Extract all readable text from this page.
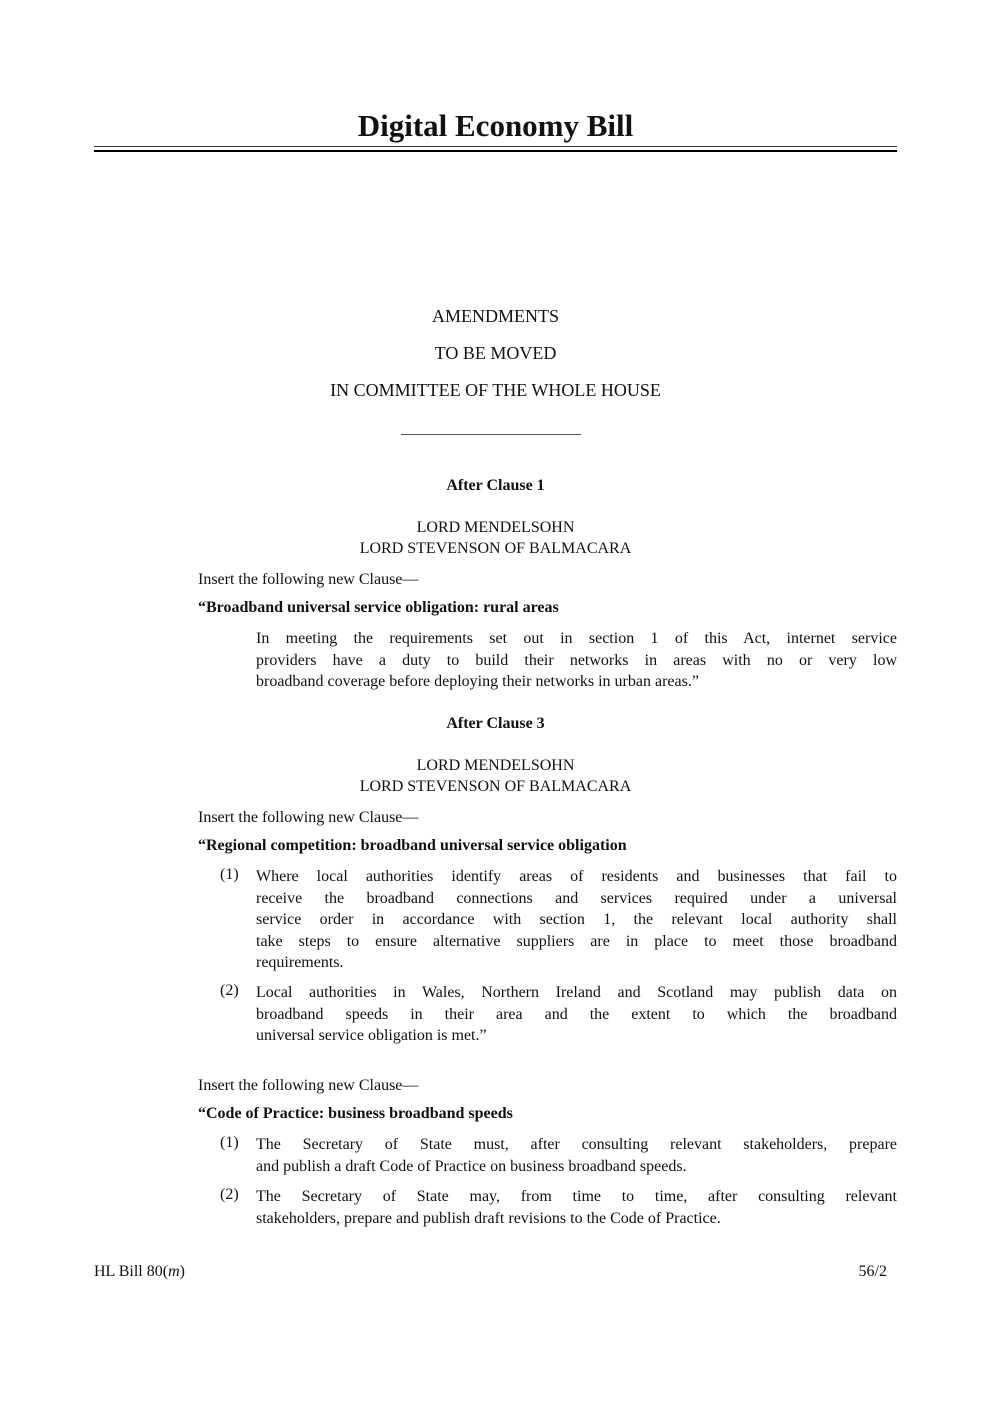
Digital Economy Bill
AMENDMENTS
TO BE MOVED
IN COMMITTEE OF THE WHOLE HOUSE
After Clause 1
LORD MENDELSOHN
LORD STEVENSON OF BALMACARA
Insert the following new Clause—
“Broadband universal service obligation: rural areas
In meeting the requirements set out in section 1 of this Act, internet service
providers have a duty to build their networks in areas with no or very low
broadband coverage before deploying their networks in urban areas.”
After Clause 3
LORD MENDELSOHN
LORD STEVENSON OF BALMACARA
Insert the following new Clause—
“Regional competition: broadband universal service obligation
(1) Where local authorities identify areas of residents and businesses that fail to
receive the broadband connections and services required under a universal
service order in accordance with section 1, the relevant local authority shall
take steps to ensure alternative suppliers are in place to meet those broadband
requirements.
(2) Local authorities in Wales, Northern Ireland and Scotland may publish data on
broadband speeds in their area and the extent to which the broadband
universal service obligation is met.”
Insert the following new Clause—
“Code of Practice: business broadband speeds
(1) The Secretary of State must, after consulting relevant stakeholders, prepare
and publish a draft Code of Practice on business broadband speeds.
(2) The Secretary of State may, from time to time, after consulting relevant
stakeholders, prepare and publish draft revisions to the Code of Practice.
HL Bill 80(m)	56/2
